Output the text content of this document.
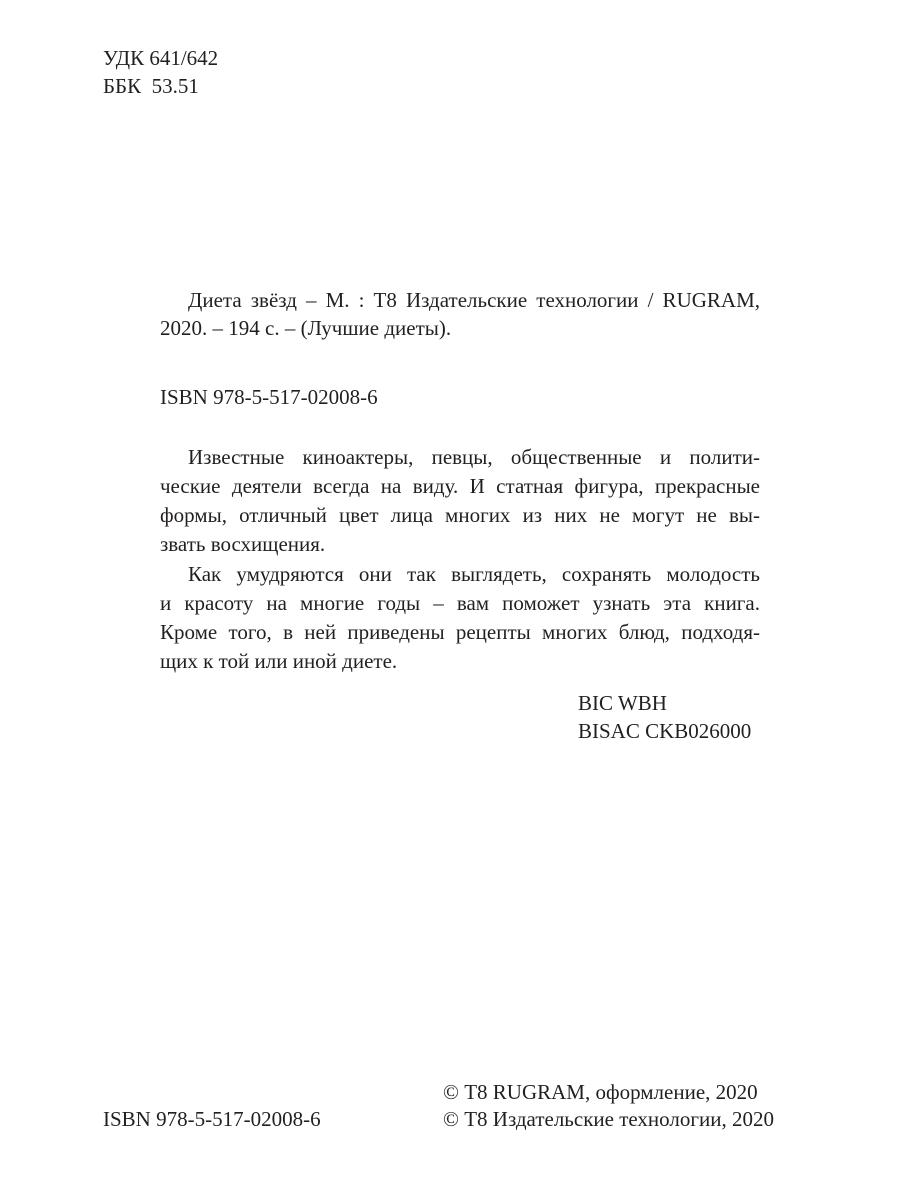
УДК 641/642
ББК  53.51
Диета звёзд – М. : Т8 Издательские технологии / RUGRAM,
2020. – 194 с. – (Лучшие диеты).
ISBN 978-5-517-02008-6
Известные киноактеры, певцы, общественные и полити-
ческие деятели всегда на виду. И статная фигура, прекрасные
формы, отличный цвет лица многих из них не могут не вы-
звать восхищения.
Как умудряются они так выглядеть, сохранять молодость
и красоту на многие годы – вам поможет узнать эта книга.
Кроме того, в ней приведены рецепты многих блюд, подходя-
щих к той или иной диете.
BIC WBH
BISAC CKB026000
ISBN 978-5-517-02008-6
© Т8 RUGRAM, оформление, 2020
© Т8 Издательские технологии, 2020
